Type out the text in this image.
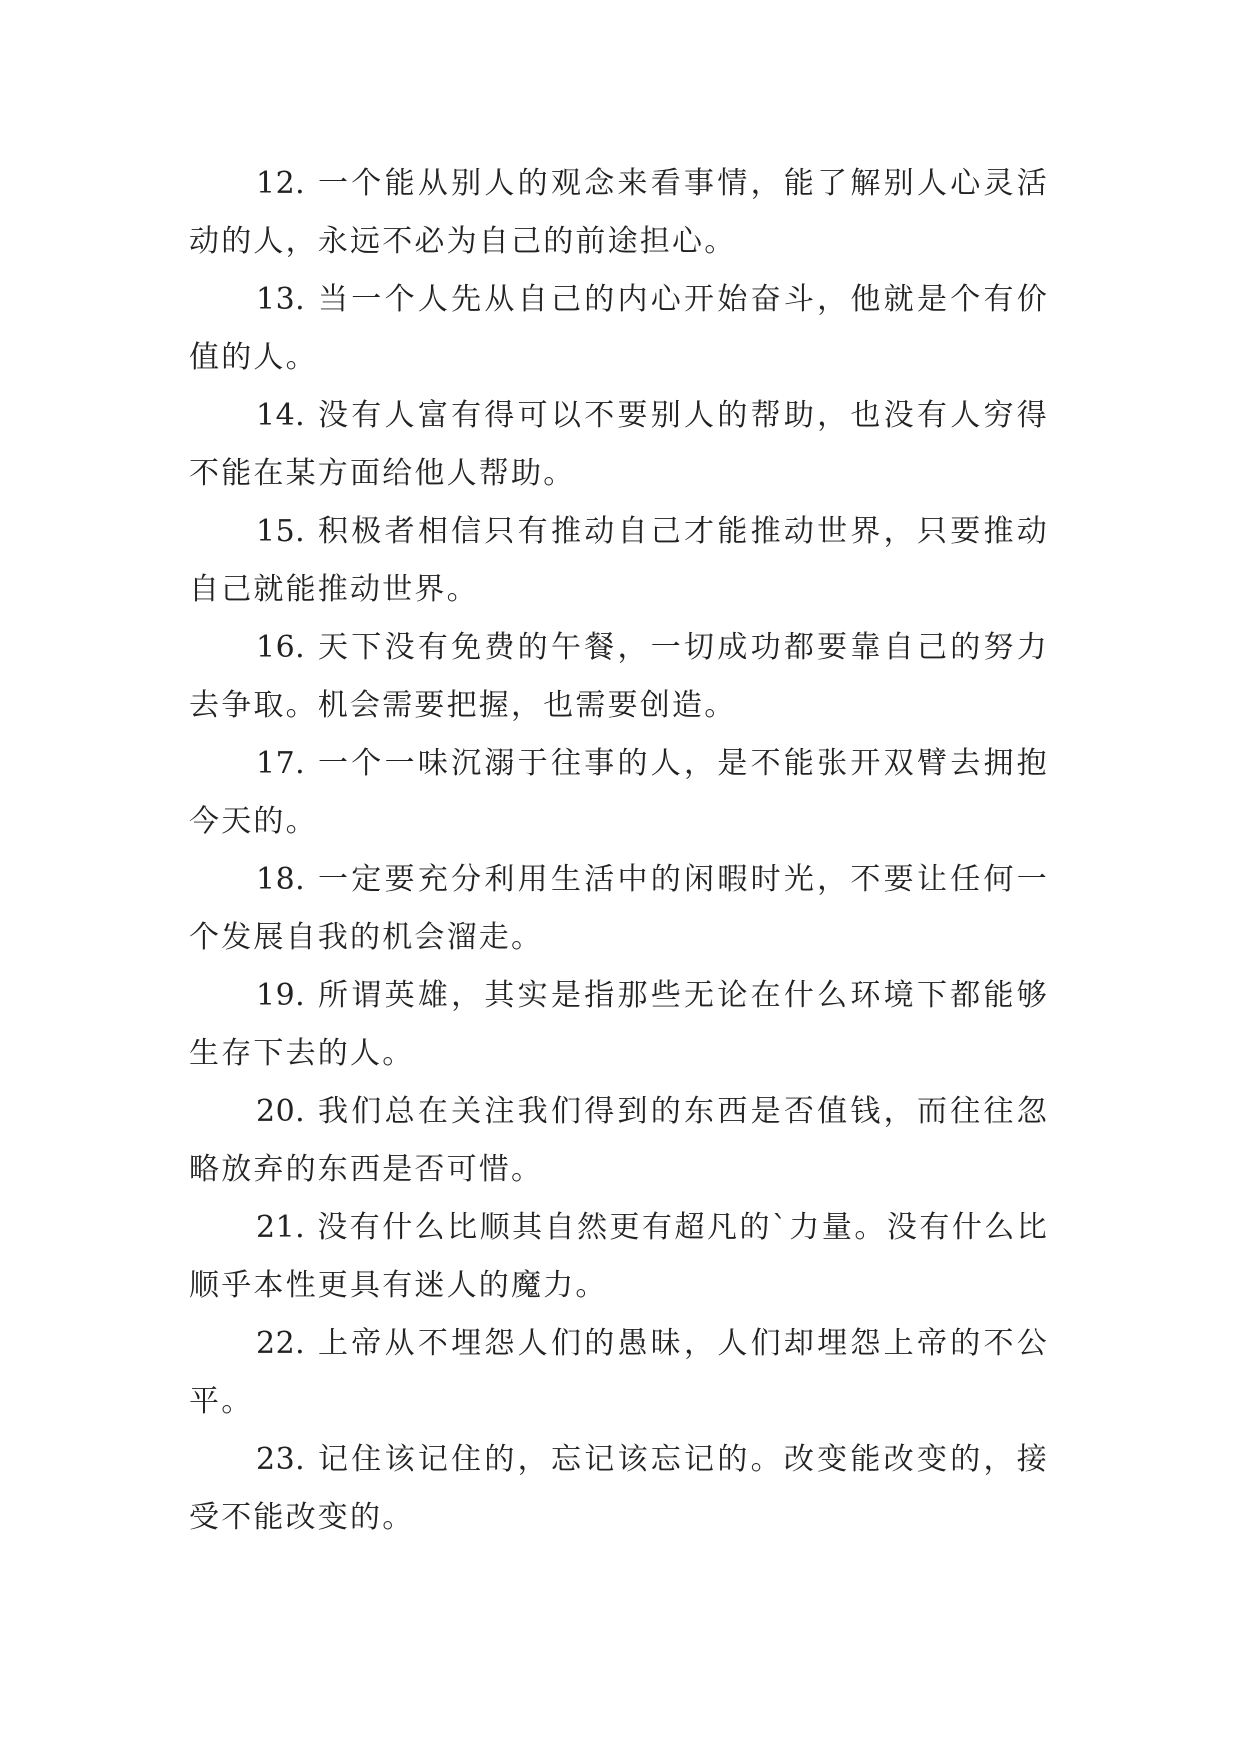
12. 一个能从别人的观念来看事情，能了解别人心灵活动的人，永远不必为自己的前途担心。

13. 当一个人先从自己的内心开始奋斗，他就是个有价值的人。

14. 没有人富有得可以不要别人的帮助，也没有人穷得不能在某方面给他人帮助。

15. 积极者相信只有推动自己才能推动世界，只要推动自己就能推动世界。

16. 天下没有免费的午餐，一切成功都要靠自己的努力去争取。机会需要把握，也需要创造。

17. 一个一味沉溺于往事的人，是不能张开双臂去拥抱今天的。

18. 一定要充分利用生活中的闲暇时光，不要让任何一个发展自我的机会溜走。

19. 所谓英雄，其实是指那些无论在什么环境下都能够生存下去的人。

20. 我们总在关注我们得到的东西是否值钱，而往往忽略放弃的东西是否可惜。

21. 没有什么比顺其自然更有超凡的`力量。没有什么比顺乎本性更具有迷人的魔力。

22. 上帝从不埋怨人们的愚昧，人们却埋怨上帝的不公平。

23. 记住该记住的，忘记该忘记的。改变能改变的，接受不能改变的。
